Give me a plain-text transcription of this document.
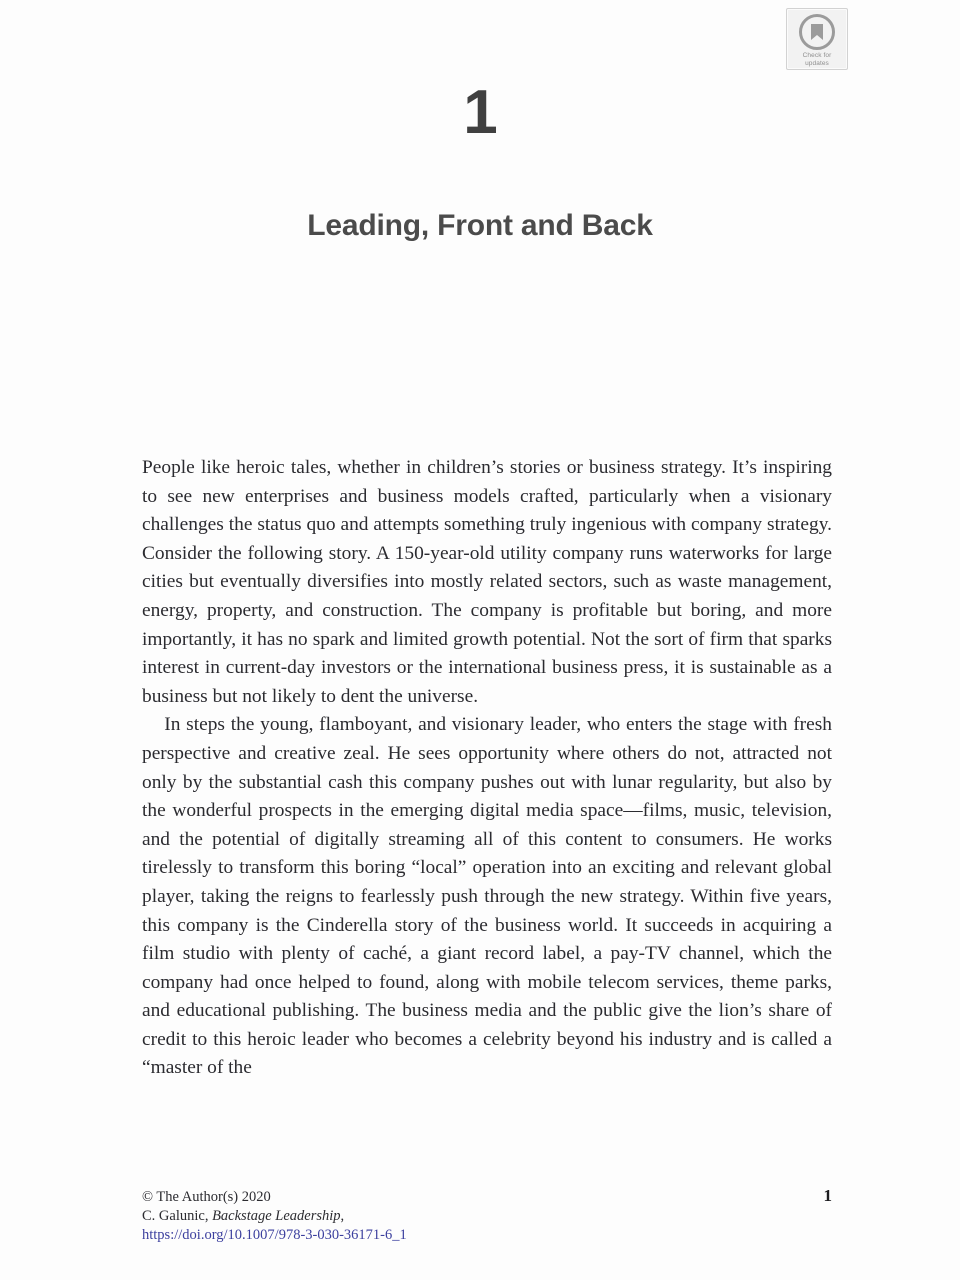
Check for
updates
1
Leading, Front and Back

People like heroic tales, whether in children’s stories or business strategy. It’s inspiring to see new enterprises and business models crafted, particularly when a visionary challenges the status quo and attempts something truly ingenious with company strategy. Consider the following story. A 150-year-old utility company runs waterworks for large cities but eventually diversifies into mostly related sectors, such as waste management, energy, property, and construction. The company is profitable but boring, and more importantly, it has no spark and limited growth potential. Not the sort of firm that sparks interest in current-day investors or the international business press, it is sustainable as a business but not likely to dent the universe.

In steps the young, flamboyant, and visionary leader, who enters the stage with fresh perspective and creative zeal. He sees opportunity where others do not, attracted not only by the substantial cash this company pushes out with lunar regularity, but also by the wonderful prospects in the emerging digital media space—films, music, television, and the potential of digitally streaming all of this content to consumers. He works tirelessly to transform this boring “local” operation into an exciting and relevant global player, taking the reigns to fearlessly push through the new strategy. Within five years, this company is the Cinderella story of the business world. It succeeds in acquiring a film studio with plenty of caché, a giant record label, a pay-TV channel, which the company had once helped to found, along with mobile telecom services, theme parks, and educational publishing. The business media and the public give the lion’s share of credit to this heroic leader who becomes a celebrity beyond his industry and is called a “master of the

© The Author(s) 2020
C. Galunic, Backstage Leadership,
https://doi.org/10.1007/978-3-030-36171-6_1
1
